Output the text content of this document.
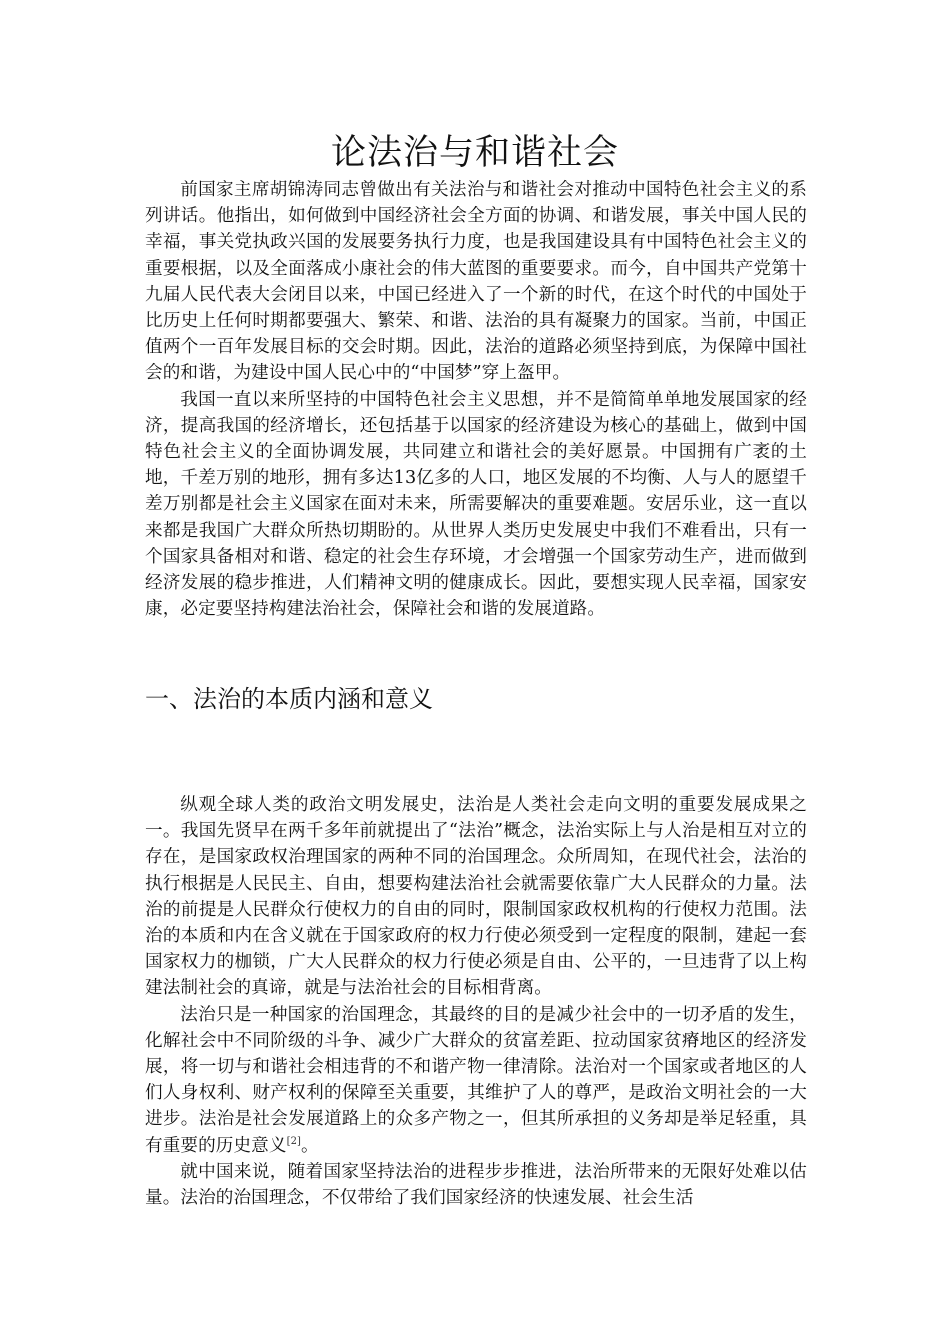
论法治与和谐社会

前国家主席胡锦涛同志曾做出有关法治与和谐社会对推动中国特色社会主义的系列讲话。他指出，如何做到中国经济社会全方面的协调、和谐发展，事关中国人民的幸福，事关党执政兴国的发展要务执行力度，也是我国建设具有中国特色社会主义的重要根据，以及全面落成小康社会的伟大蓝图的重要要求。而今，自中国共产党第十九届人民代表大会闭目以来，中国已经进入了一个新的时代，在这个时代的中国处于比历史上任何时期都要强大、繁荣、和谐、法治的具有凝聚力的国家。当前，中国正值两个一百年发展目标的交会时期。因此，法治的道路必须坚持到底，为保障中国社会的和谐，为建设中国人民心中的“中国梦”穿上盔甲。

我国一直以来所坚持的中国特色社会主义思想，并不是简简单单地发展国家的经济，提高我国的经济增长，还包括基于以国家的经济建设为核心的基础上，做到中国特色社会主义的全面协调发展，共同建立和谐社会的美好愿景。中国拥有广袤的土地，千差万别的地形，拥有多达13亿多的人口，地区发展的不均衡、人与人的愿望千差万别都是社会主义国家在面对未来，所需要解决的重要难题。安居乐业，这一直以来都是我国广大群众所热切期盼的。从世界人类历史发展史中我们不难看出，只有一个国家具备相对和谐、稳定的社会生存环境，才会增强一个国家劳动生产，进而做到经济发展的稳步推进，人们精神文明的健康成长。因此，要想实现人民幸福，国家安康，必定要坚持构建法治社会，保障社会和谐的发展道路。

一、法治的本质内涵和意义

纵观全球人类的政治文明发展史，法治是人类社会走向文明的重要发展成果之一。我国先贤早在两千多年前就提出了“法治”概念，法治实际上与人治是相互对立的存在，是国家政权治理国家的两种不同的治国理念。众所周知，在现代社会，法治的执行根据是人民民主、自由，想要构建法治社会就需要依靠广大人民群众的力量。法治的前提是人民群众行使权力的自由的同时，限制国家政权机构的行使权力范围。法治的本质和内在含义就在于国家政府的权力行使必须受到一定程度的限制，建起一套国家权力的枷锁，广大人民群众的权力行使必须是自由、公平的，一旦违背了以上构建法制社会的真谛，就是与法治社会的目标相背离。

法治只是一种国家的治国理念，其最终的目的是减少社会中的一切矛盾的发生，化解社会中不同阶级的斗争、减少广大群众的贫富差距、拉动国家贫瘠地区的经济发展，将一切与和谐社会相违背的不和谐产物一律清除。法治对一个国家或者地区的人们人身权利、财产权利的保障至关重要，其维护了人的尊严，是政治文明社会的一大进步。法治是社会发展道路上的众多产物之一，但其所承担的义务却是举足轻重，具有重要的历史意义[2]。

就中国来说，随着国家坚持法治的进程步步推进，法治所带来的无限好处难以估量。法治的治国理念，不仅带给了我们国家经济的快速发展、社会生活
